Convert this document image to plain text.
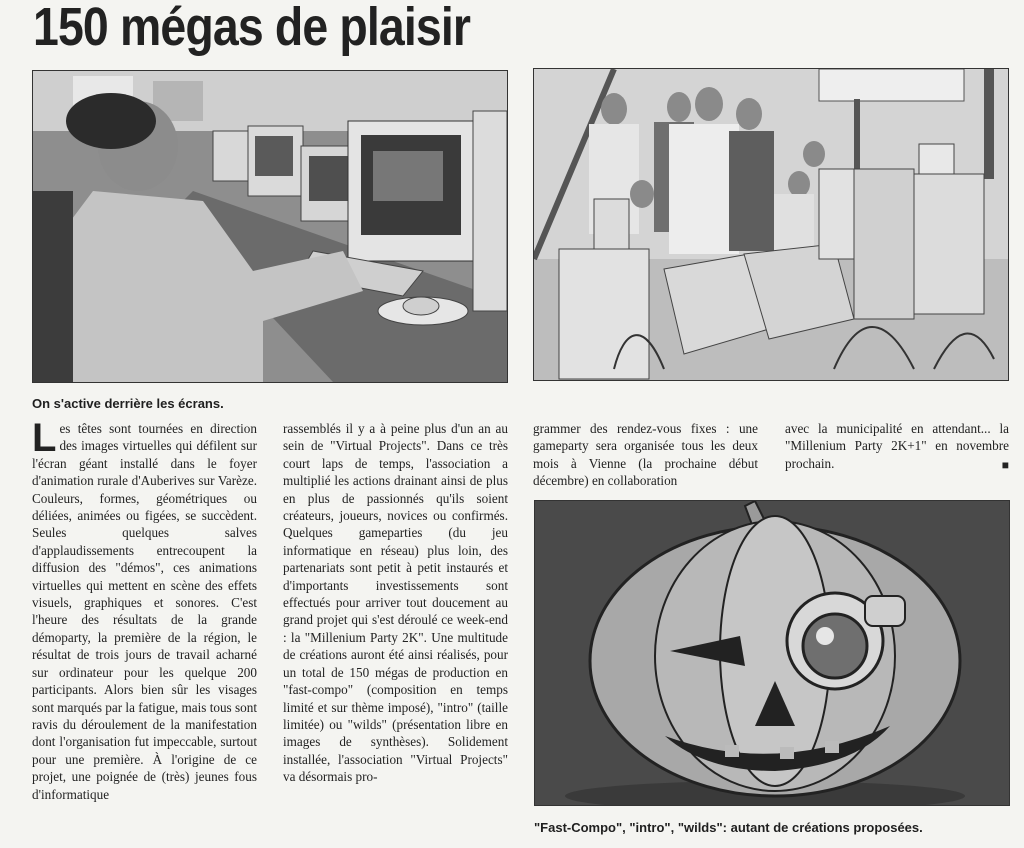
150 mégas de plaisir

On s'active derrière les écrans.

Les têtes sont tournées en direction des images virtuelles qui défilent sur l'écran géant installé dans le foyer d'animation rurale d'Auberives sur Varèze. Couleurs, formes, géométriques ou déliées, animées ou figées, se succèdent. Seules quelques salves d'applaudissements entrecoupent la diffusion des "démos", ces animations virtuelles qui mettent en scène des effets visuels, graphiques et sonores. C'est l'heure des résultats de la grande démoparty, la première de la région, le résultat de trois jours de travail acharné sur ordinateur pour les quelque 200 participants. Alors bien sûr les visages sont marqués par la fatigue, mais tous sont ravis du déroulement de la manifestation dont l'organisation fut impeccable, surtout pour une première. À l'origine de ce projet, une poignée de (très) jeunes fous d'informatique

rassemblés il y a à peine plus d'un an au sein de "Virtual Projects". Dans ce très court laps de temps, l'association a multiplié les actions drainant ainsi de plus en plus de passionnés qu'ils soient créateurs, joueurs, novices ou confirmés. Quelques gameparties (du jeu informatique en réseau) plus loin, des partenariats sont petit à petit instaurés et d'importants investissements sont effectués pour arriver tout doucement au grand projet qui s'est déroulé ce week-end : la "Millenium Party 2K". Une multitude de créations auront été ainsi réalisés, pour un total de 150 mégas de production en "fast-compo" (composition en temps limité et sur thème imposé), "intro" (taille limitée) ou "wilds" (présentation libre en images de synthèses). Solidement installée, l'association "Virtual Projects" va désormais pro-

grammer des rendez-vous fixes : une gameparty sera organisée tous les deux mois à Vienne (la prochaine début décembre) en collaboration

avec la municipalité en attendant... la "Millenium Party 2K+1" en novembre prochain.	■

"Fast-Compo", "intro", "wilds": autant de créations proposées.
